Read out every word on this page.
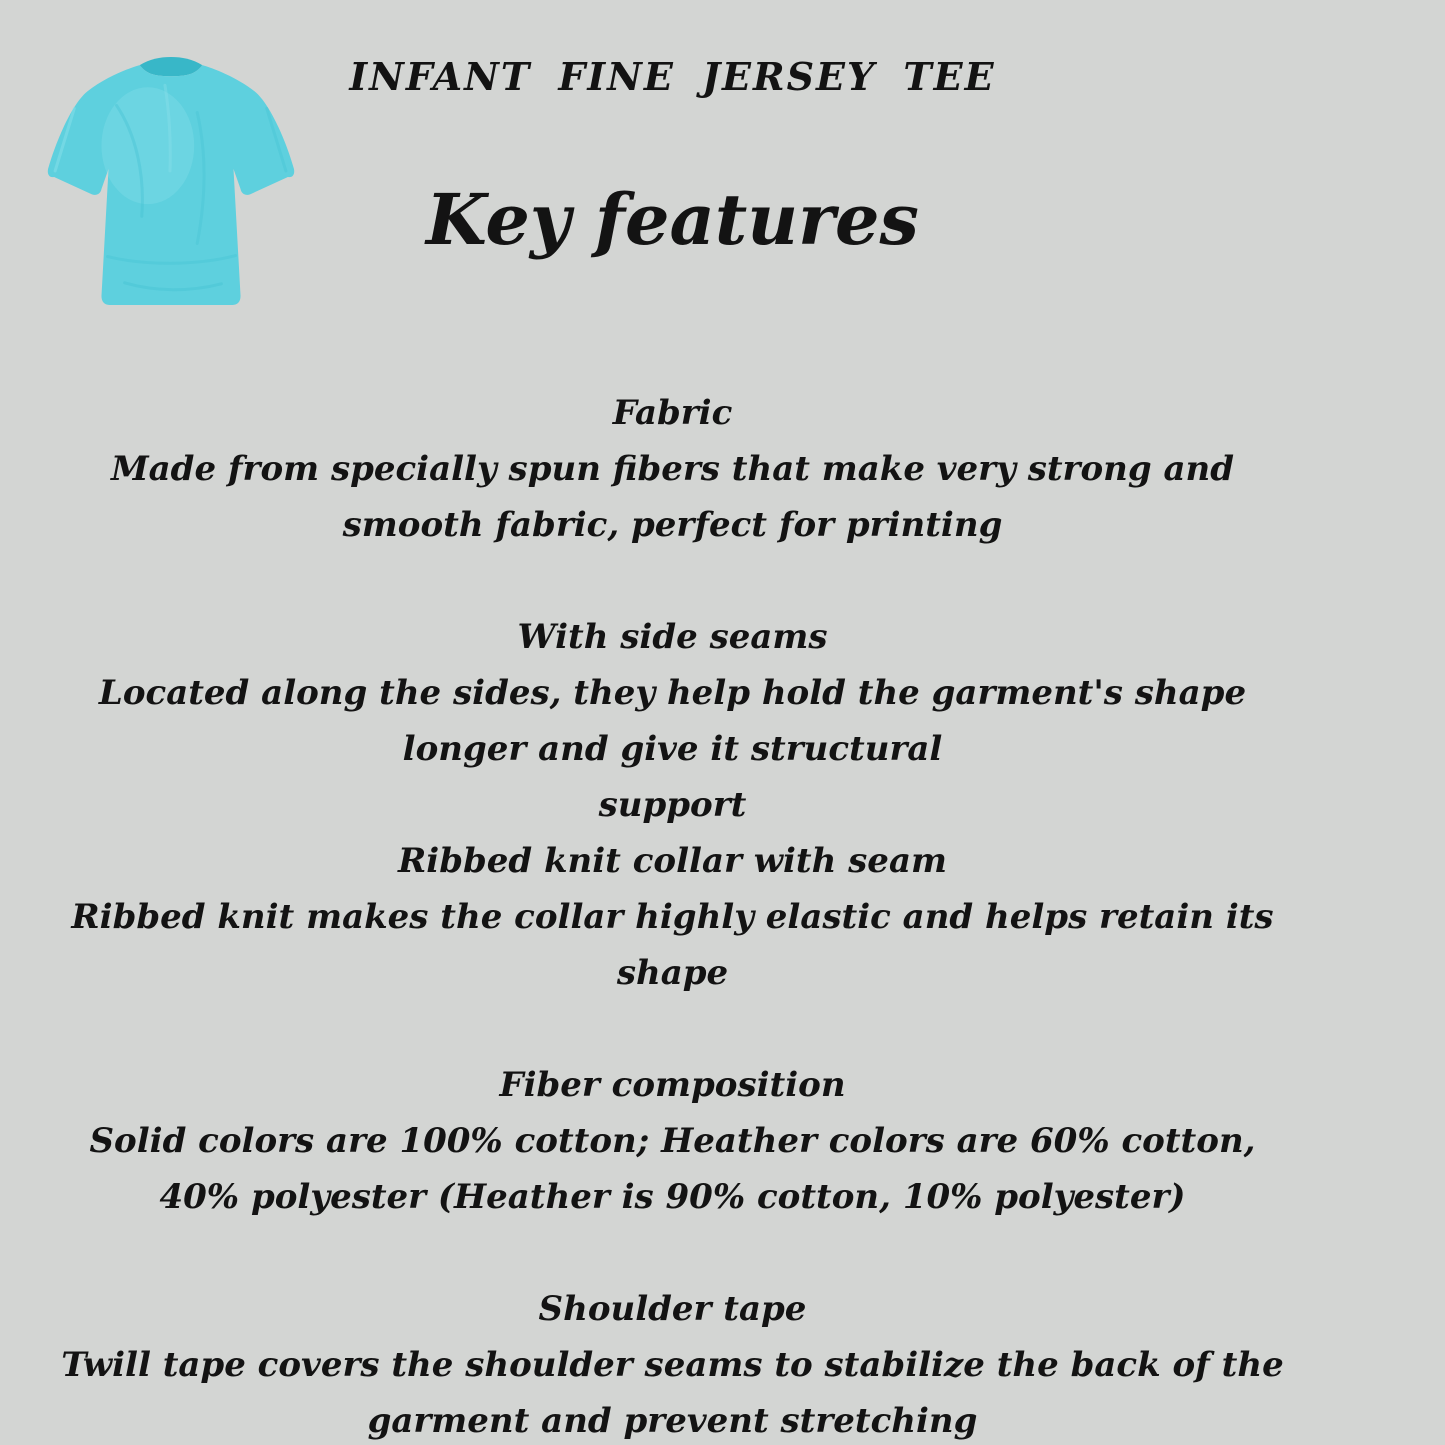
INFANT FINE JERSEY TEE
Key features
Fabric
Made from specially spun fibers that make very strong and
smooth fabric, perfect for printing
With side seams
Located along the sides, they help hold the garment's shape
longer and give it structural
support
Ribbed knit collar with seam
Ribbed knit makes the collar highly elastic and helps retain its
shape
Fiber composition
Solid colors are 100% cotton; Heather colors are 60% cotton,
40% polyester (Heather is 90% cotton, 10% polyester)
Shoulder tape
Twill tape covers the shoulder seams to stabilize the back of the
garment and prevent stretching
